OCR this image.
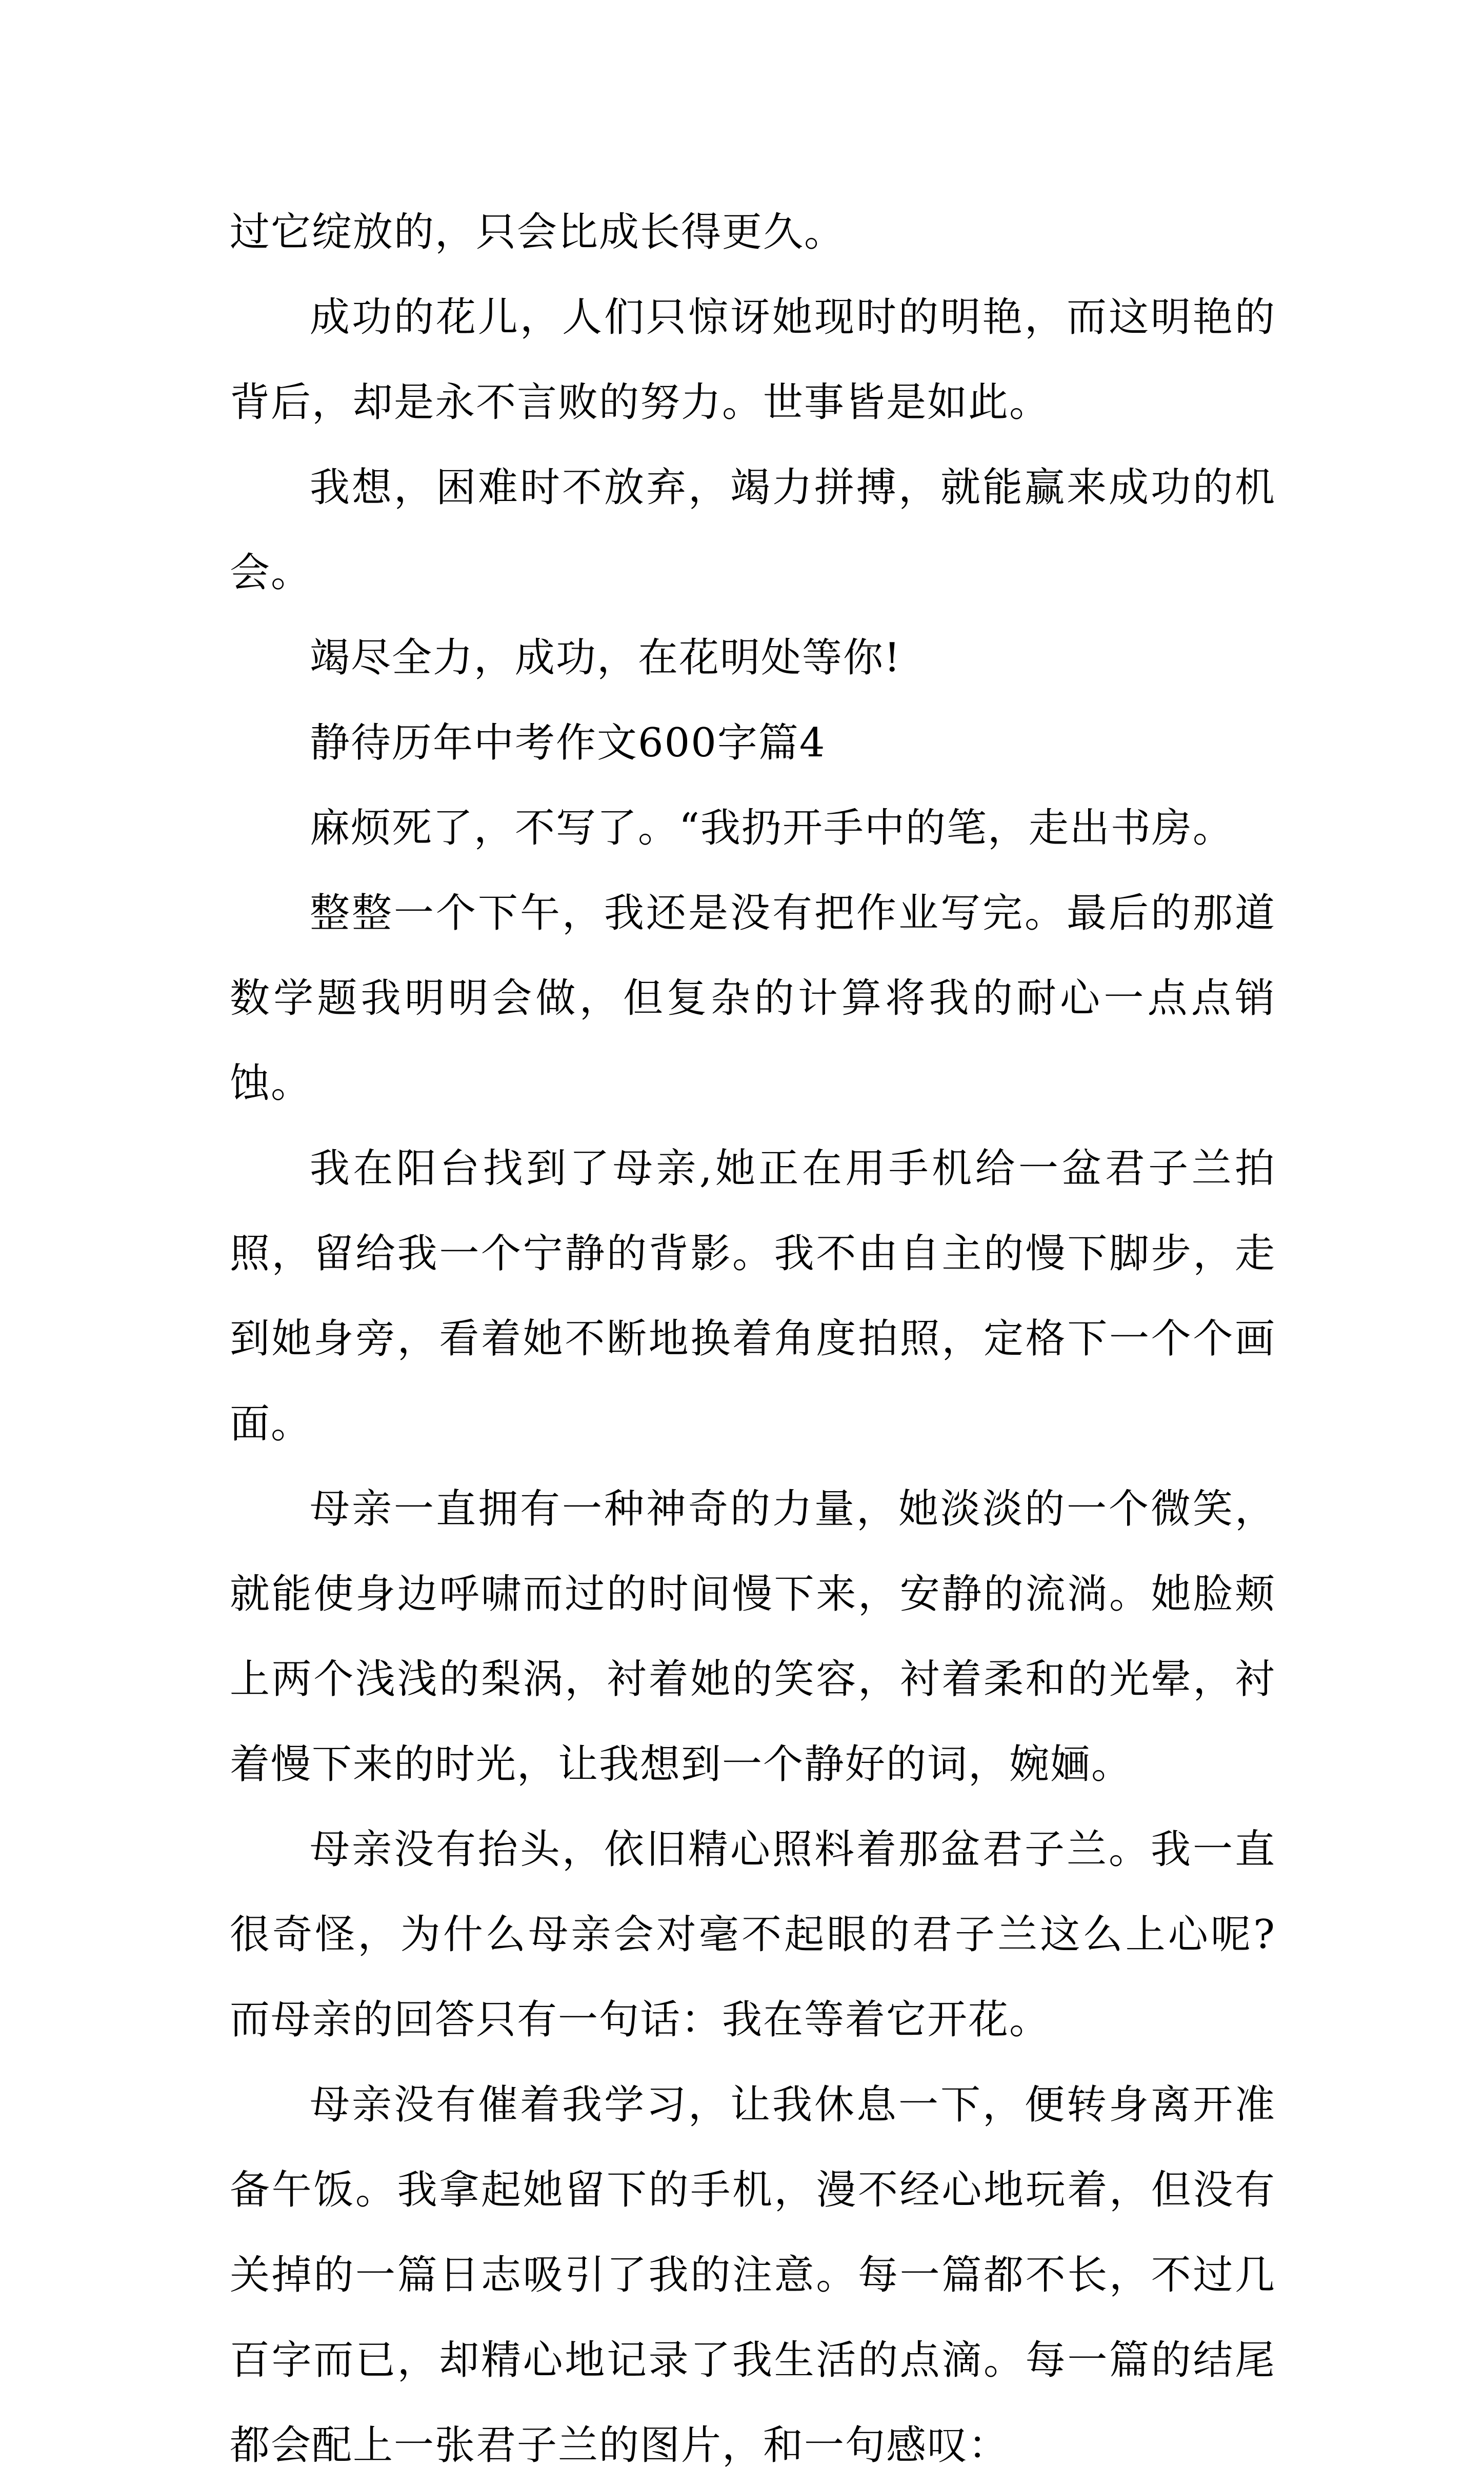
过它绽放的，只会比成长得更久。

成功的花儿，人们只惊讶她现时的明艳，而这明艳的背后，却是永不言败的努力。世事皆是如此。

我想，困难时不放弃，竭力拼搏，就能赢来成功的机会。

竭尽全力，成功，在花明处等你!

静待历年中考作文600字篇4

麻烦死了，不写了。“我扔开手中的笔，走出书房。

整整一个下午，我还是没有把作业写完。最后的那道数学题我明明会做，但复杂的计算将我的耐心一点点销蚀。

我在阳台找到了母亲,她正在用手机给一盆君子兰拍照，留给我一个宁静的背影。我不由自主的慢下脚步，走到她身旁，看着她不断地换着角度拍照，定格下一个个画面。

母亲一直拥有一种神奇的力量，她淡淡的一个微笑，就能使身边呼啸而过的时间慢下来，安静的流淌。她脸颊上两个浅浅的梨涡，衬着她的笑容，衬着柔和的光晕，衬着慢下来的时光，让我想到一个静好的词，婉婳。

母亲没有抬头，依旧精心照料着那盆君子兰。我一直很奇怪，为什么母亲会对毫不起眼的君子兰这么上心呢?而母亲的回答只有一句话：我在等着它开花。

母亲没有催着我学习，让我休息一下，便转身离开准备午饭。我拿起她留下的手机，漫不经心地玩着，但没有关掉的一篇日志吸引了我的注意。每一篇都不长，不过几百字而已，却精心地记录了我生活的点滴。每一篇的结尾都会配上一张君子兰的图片，和一句感叹：
